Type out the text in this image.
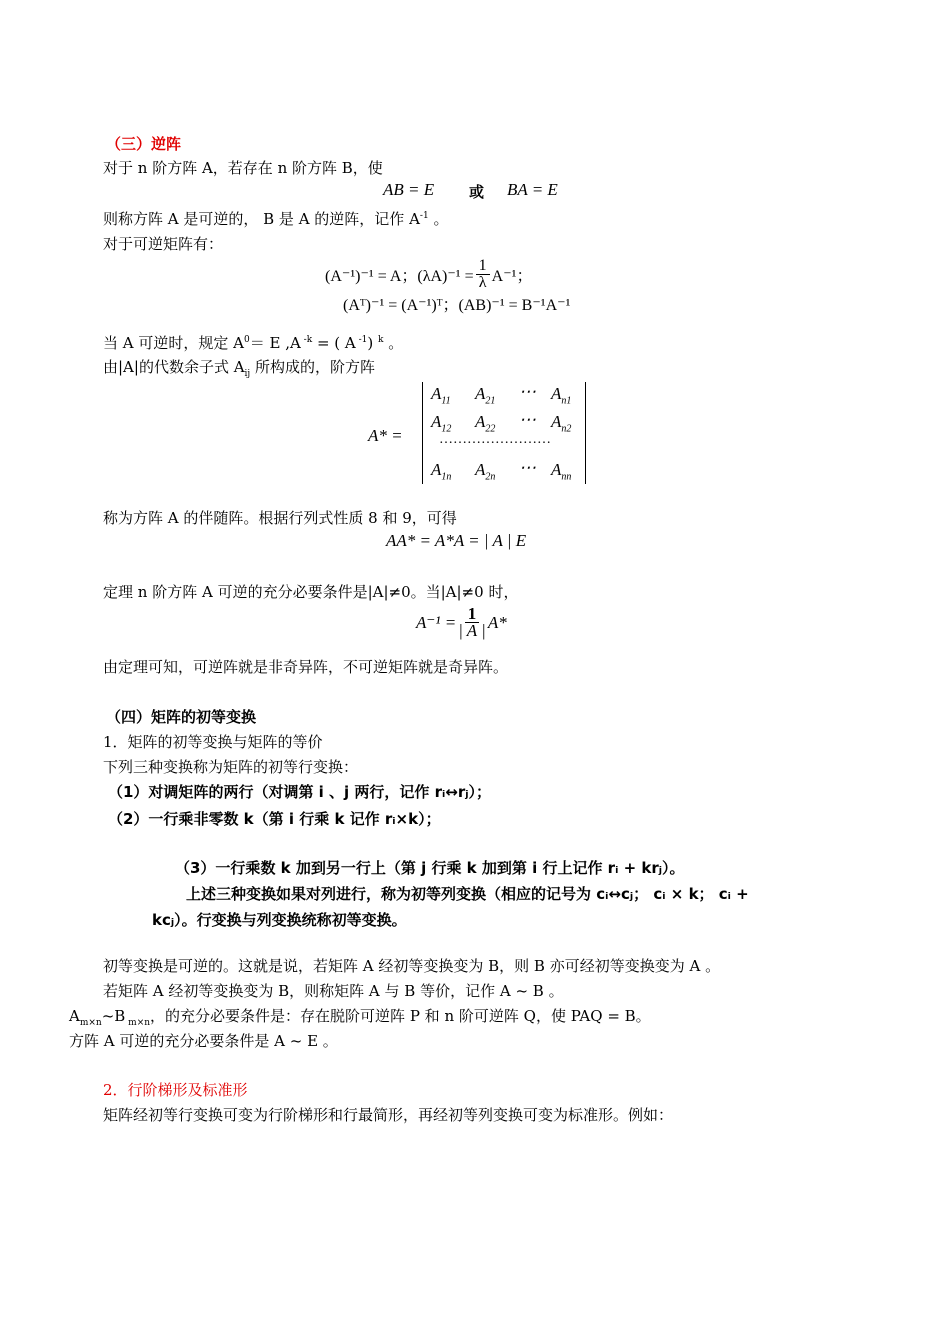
（三）逆阵
对于 n 阶方阵 A，若存在 n 阶方阵 B，使
AB = E 或 BA = E
则称方阵 A 是可逆的， B 是 A 的逆阵，记作 $A^{-1}$ 。
对于可逆矩阵有：
(A⁻¹)⁻¹ = A；$(\lambda A)^{-1} = \frac{1}{\lambda} A^{-1}$；
(Aᵀ)⁻¹ = (A⁻¹)ᵀ；(AB)⁻¹ = B⁻¹A⁻¹
当 A 可逆时，规定 $A^0= E$ ,A $^{-k}$ = ( A $^{-1}$) $^k$ 。
由|A|的代数余子式 $A_{ij}$ 所构成的，阶方阵
A* =
$A_{11}$ $A_{21}$ ⋯ $A_{n1}$
$A_{12}$ $A_{22}$ ⋯ $A_{n2}$
……………………
$A_{1n}$ $A_{2n}$ ⋯ $A_{nn}$
称为方阵 A 的伴随阵。根据行列式性质 8 和 9，可得
AA* = A*A = | A | E
定理 n 阶方阵 A 可逆的充分必要条件是|A|≠0。当|A|≠0 时，
$A^{-1} = \frac{1}{| A |} A*$
由定理可知，可逆阵就是非奇异阵，不可逆矩阵就是奇异阵。
（四）矩阵的初等变换
1．矩阵的初等变换与矩阵的等价
下列三种变换称为矩阵的初等行变换：
（1）对调矩阵的两行（对调第 i 、j 两行，记作 rᵢ↔rⱼ）；
（2）一行乘非零数 k（第 i 行乘 k 记作 rᵢ×k）；
（3）一行乘数 k 加到另一行上（第 j 行乘 k 加到第 i 行上记作 rᵢ + krⱼ）。
上述三种变换如果对列进行，称为初等列变换（相应的记号为 cᵢ↔cⱼ； cᵢ × k； cᵢ +
kcⱼ）。行变换与列变换统称初等变换。
初等变换是可逆的。这就是说，若矩阵 A 经初等变换变为 B，则 B 亦可经初等变换变为 A 。
若矩阵 A 经初等变换变为 B，则称矩阵 A 与 B 等价，记作 A ~ B 。
$A_{m\times n}\sim B$ $_{m\times n}$，的充分必要条件是：存在脱阶可逆阵 P 和 n 阶可逆阵 Q，使 PAQ = B。
方阵 A 可逆的充分必要条件是 A ~ E 。
2．行阶梯形及标准形
矩阵经初等行变换可变为行阶梯形和行最简形，再经初等列变换可变为标准形。例如：
